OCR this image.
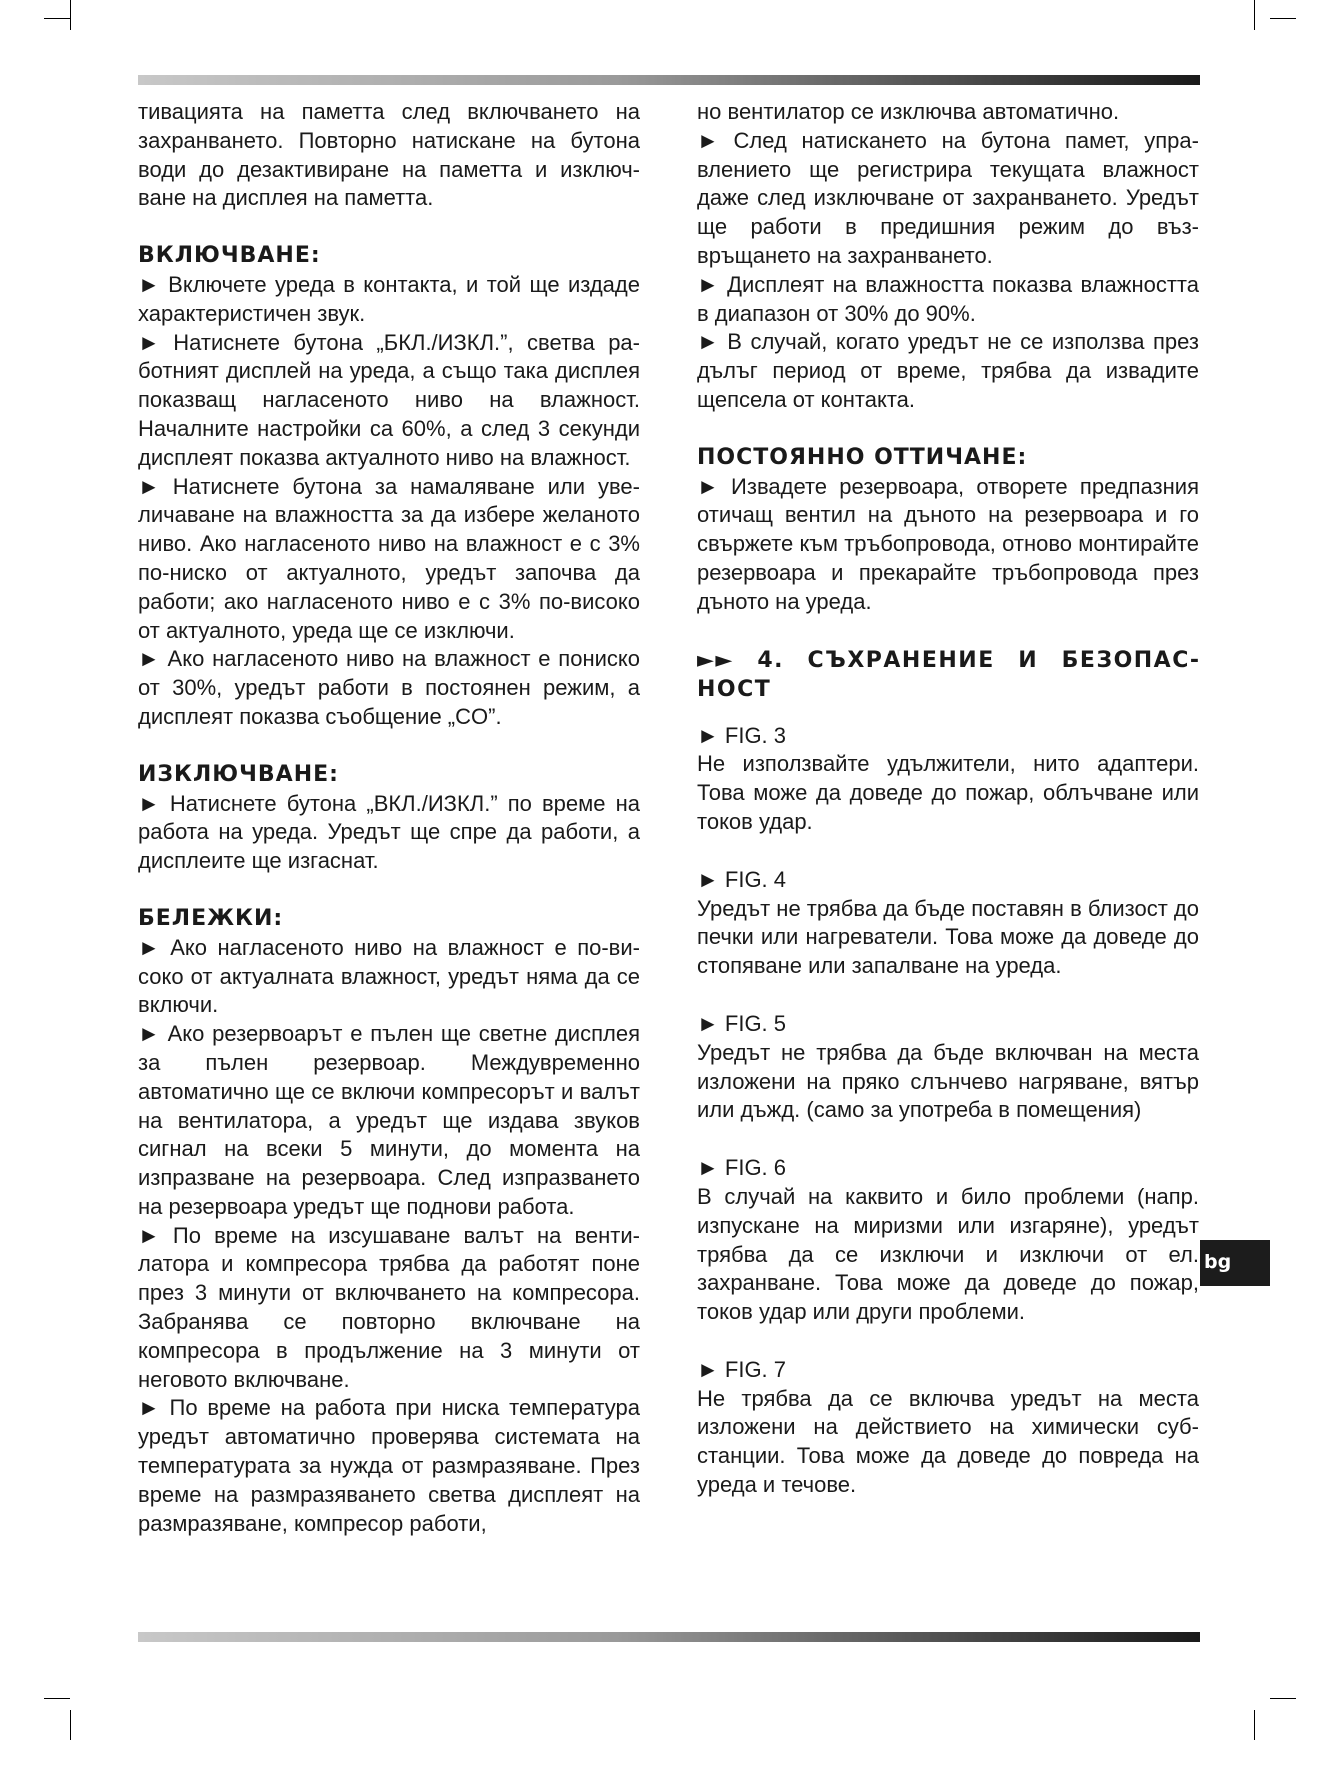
bg

тивацията на паметта след включването на захранването. Повторно натискане на бутона води до дезактивиране на паметта и изключване на дисплея на паметта.

ВКЛЮЧВАНЕ:

► Включете уреда в контакта, и той ще издаде характеристичен звук.

► Натиснете бутона „БКЛ./ИЗКЛ.”, светва работният дисплей на уреда, а също така дисплея показващ нагласеното ниво на влажност. Началните настройки са 60%, а след 3 секунди дисплеят показва актуалното ниво на влажност.

► Натиснете бутона за намаляване или увеличаване на влажността за да избере желаното ниво. Ако нагласеното ниво на влажност е с 3% по-ниско от актуалното, уредът започва да работи; ако нагласеното ниво е с 3% по-високо от актуалното, уреда ще се изключи.

► Ако нагласеното ниво на влажност е пониско от 30%, уредът работи в постоянен режим, а дисплеят показва съобщение „CO”.

ИЗКЛЮЧВАНЕ:

► Натиснете бутона „ВКЛ./ИЗКЛ.” по време на работа на уреда. Уредът ще спре да работи, а дисплеите ще изгаснат.

БЕЛЕЖКИ:

► Ако нагласеното ниво на влажност е по-високо от актуалната влажност, уредът няма да се включи.

► Ако резервоарът е пълен ще светне дисплея за пълен резервоар. Междувременно автоматично ще се включи компресорът и валът на вентилатора, а уредът ще издава звуков сигнал на всеки 5 минути, до момента на изпразване на резервоара. След изпразването на резервоара уредът ще поднови работа.

► По време на изсушаване валът на вентилатора и компресора трябва да работят поне през 3 минути от включването на компресора. Забранява се повторно включване на компресора в продължение на 3 минути от неговото включване.

► По време на работа при ниска температура уредът автоматично проверява системата на температурата за нужда от размразяване. През време на размразяването светва дисплеят на размразяване, компресор работи,

но вентилатор се изключва автоматично.

► След натискането на бутона памет, управлението ще регистрира текущата влажност даже след изключване от захранването. Уредът ще работи в предишния режим до възвръщането на захранването.

► Дисплеят на влажността показва влажността в диапазон от 30% до 90%.

► В случай, когато уредът не се използва през дълъг период от време, трябва да извадите щепсела от контакта.

ПОСТОЯННО ОТТИЧАНЕ:

► Извадете резервоара, отворете предпазния отичащ вентил на дъното на резервоара и го свържете към тръбопровода, отново монтирайте резервоара и прекарайте тръбопровода през дъното на уреда.

►► 4. СЪХРАНЕНИЕ И БЕЗОПАСНОСТ

► FIG. 3

Не използвайте удължители, нито адаптери. Това може да доведе до пожар, облъчване или токов удар.

► FIG. 4

Уредът не трябва да бъде поставян в близост до печки или нагреватели. Това може да доведе до стопяване или запалване на уреда.

► FIG. 5

Уредът не трябва да бъде включван на места изложени на пряко слънчево нагряване, вятър или дъжд. (само за употреба в помещения)

► FIG. 6

В случай на каквито и било проблеми (напр. изпускане на миризми или изгаряне), уредът трябва да се изключи и изключи от ел. захранване. Това може да доведе до пожар, токов удар или други проблеми.

► FIG. 7

Не трябва да се включва уредът на места изложени на действието на химически субстанции. Това може да доведе до повреда на уреда и течове.
